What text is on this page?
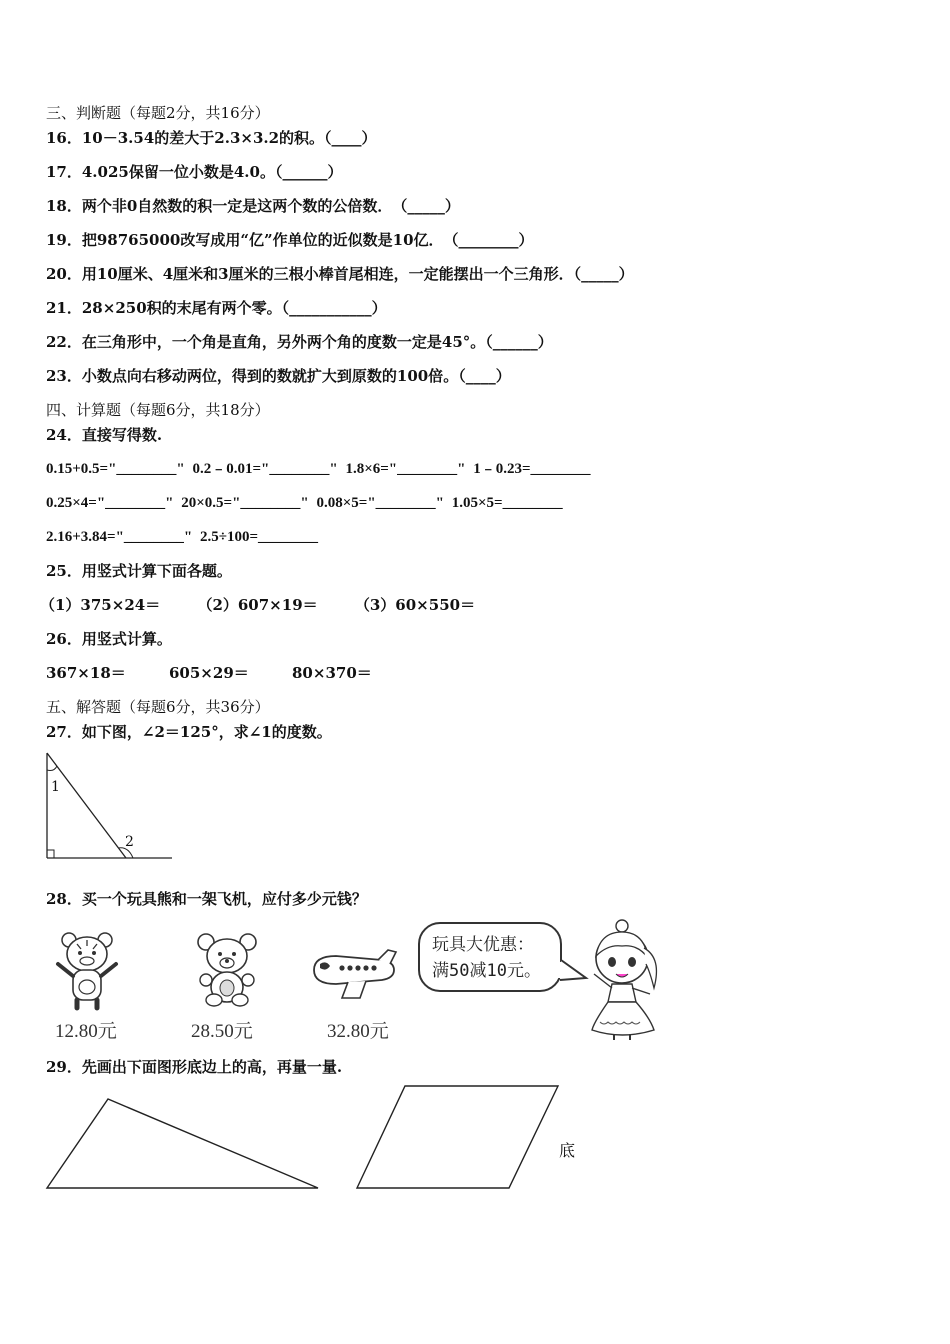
三、判断题（每题2分，共16分）
16．10－3.54的差大于2.3×3.2的积。（____）
17．4.025保留一位小数是4.0。（______）
18．两个非0自然数的积一定是这两个数的公倍数．　（_____）
19．把98765000改写成用“亿”作单位的近似数是10亿．　（________）
20．用10厘米、4厘米和3厘米的三根小棒首尾相连，一定能摆出一个三角形．（_____）
21．28×250积的末尾有两个零。（___________）
22．在三角形中，一个角是直角，另外两个角的度数一定是45°。（______）
23．小数点向右移动两位，得到的数就扩大到原数的100倍。（____）
四、计算题（每题6分，共18分）
24．直接写得数.
0.15+0.5="________" 0.2﹣0.01="________" 1.8×6="________" 1﹣0.23=________
0.25×4="________" 20×0.5="________" 0.08×5="________" 1.05×5=________
2.16+3.84="________" 2.5÷100=________
25．用竖式计算下面各题。
（1）375×24＝ （2）607×19＝ （3）60×550＝
26．用竖式计算。
367×18＝	605×29＝	80×370＝
五、解答题（每题6分，共36分）
27．如下图，∠2＝125°，求∠1的度数。
1
2
28．买一个玩具熊和一架飞机，应付多少元钱？
12.80元	28.50元	32.80元
玩具大优惠：
满50减10元。
29．先画出下面图形底边上的高，再量一量.
底
